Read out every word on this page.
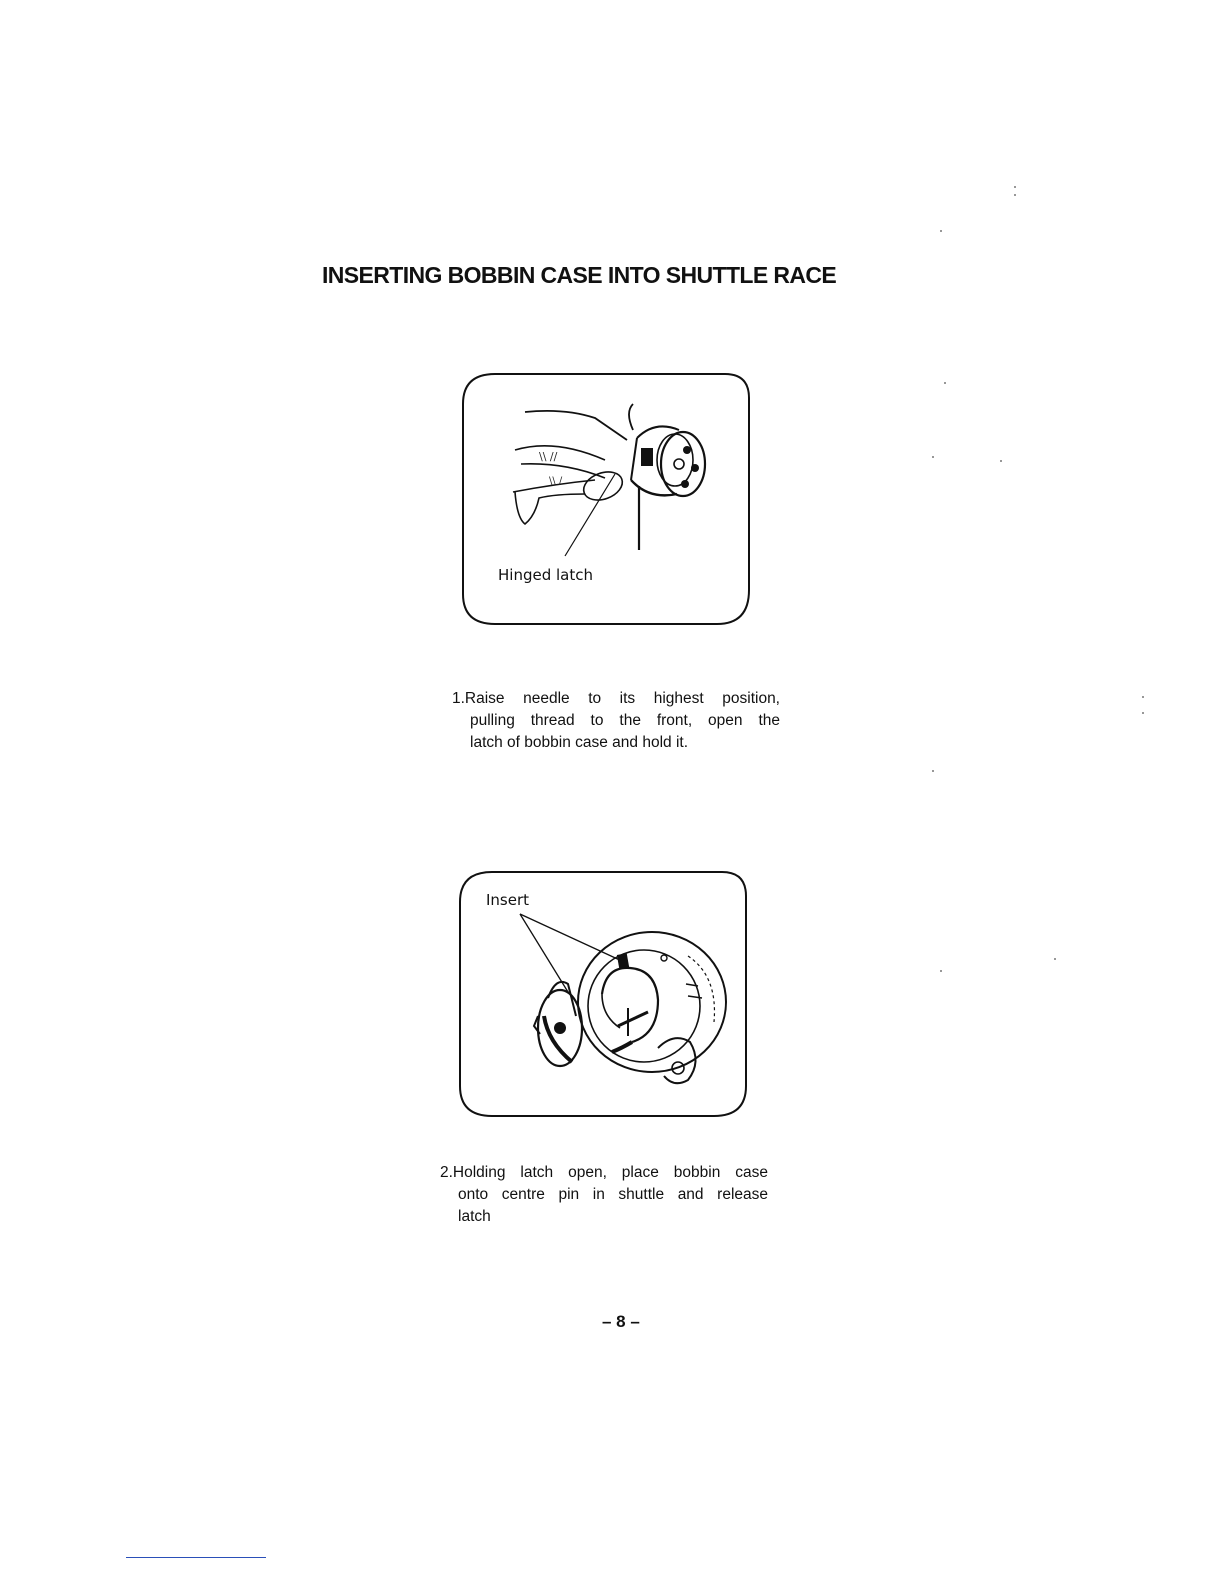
INSERTING BOBBIN CASE INTO SHUTTLE RACE
\\ //
\\ /
Hinged latch

1.Raise needle to its highest position,

pulling thread to the front, open the

latch of bobbin case and hold it.

Insert

2.Holding latch open, place bobbin case

onto centre pin in shuttle and release

latch

– 8 –
